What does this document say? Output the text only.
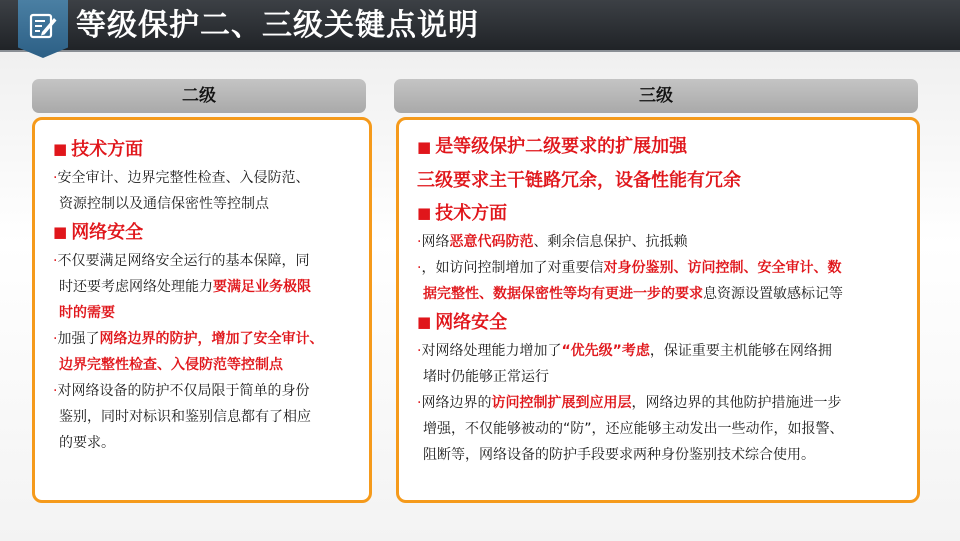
等级保护二、三级关键点说明
二级
■ 技术方面
·安全审计、边界完整性检查、入侵防范、
资源控制以及通信保密性等控制点
■ 网络安全
·不仅要满足网络安全运行的基本保障，同
时还要考虑网络处理能力要满足业务极限
时的需要
·加强了网络边界的防护，增加了安全审计、
边界完整性检查、入侵防范等控制点
·对网络设备的防护不仅局限于简单的身份
鉴别，同时对标识和鉴别信息都有了相应
的要求。
三级
■ 是等级保护二级要求的扩展加强
三级要求主干链路冗余，设备性能有冗余
■ 技术方面
·网络恶意代码防范、剩余信息保护、抗抵赖
·，如访问控制增加了对重要信对身份鉴别、访问控制、安全审计、数
据完整性、数据保密性等均有更进一步的要求息资源设置敏感标记等
■ 网络安全
·对网络处理能力增加了“优先级”考虑，保证重要主机能够在网络拥
堵时仍能够正常运行
·网络边界的访问控制扩展到应用层，网络边界的其他防护措施进一步
增强，不仅能够被动的“防”，还应能够主动发出一些动作，如报警、
阻断等，网络设备的防护手段要求两种身份鉴别技术综合使用。
